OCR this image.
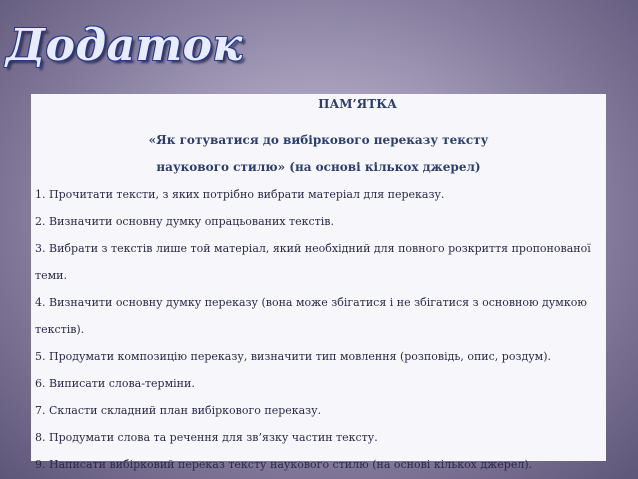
Додаток
ПАМ’ЯТКА
«Як готуватися до вибіркового переказу тексту
наукового стилю» (на основі кількох джерел)
1. Прочитати тексти, з яких потрібно вибрати матеріал для переказу.
2. Визначити основну думку опрацьованих текстів.
3. Вибрати з текстів лише той матеріал, який необхідний для повного розкриття пропонованої теми.
4. Визначити основну думку переказу (вона може збігатися і не збігатися з основною думкою текстів).
5. Продумати композицію переказу, визначити тип мовлення (розповідь, опис, роздум).
6. Виписати слова-терміни.
7. Скласти складний план вибіркового переказу.
8. Продумати слова та речення для зв’язку частин тексту.
9. Написати вибірковий переказ тексту наукового стилю (на основі кількох джерел).
